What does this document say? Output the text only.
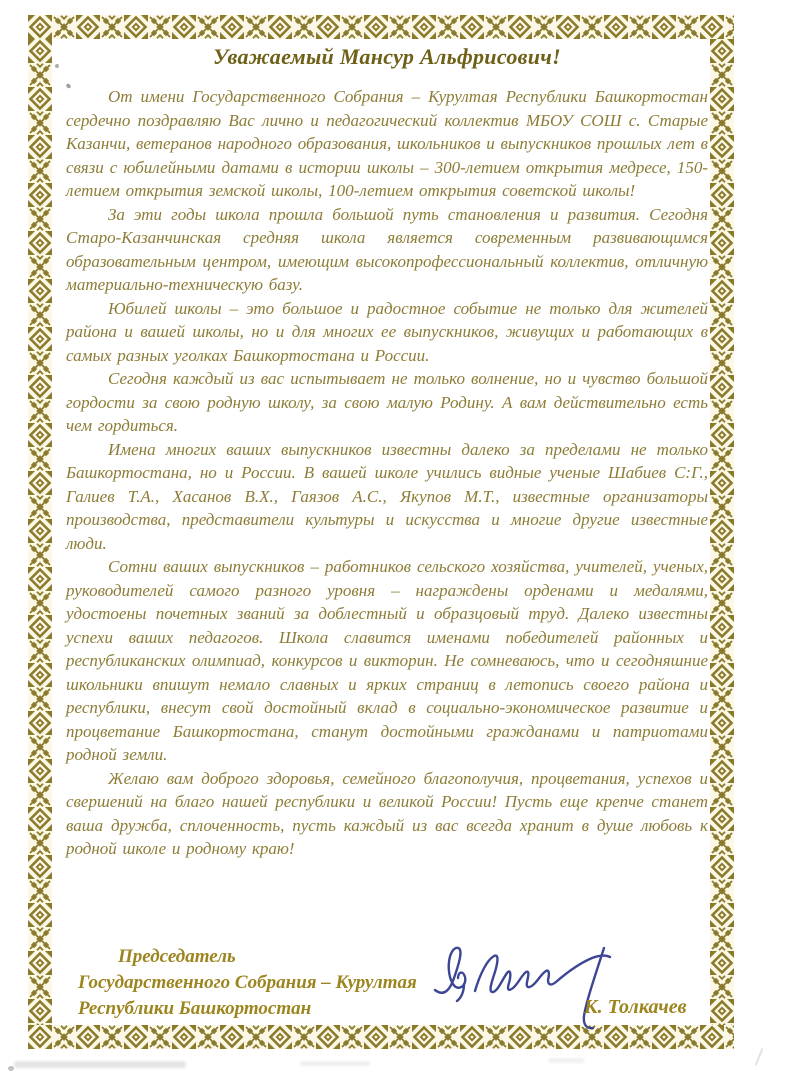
Уважаемый Мансур Альфрисович!

От имени Государственного Собрания – Курултая Республики Башкортостан сердечно поздравляю Вас лично и педагогический коллектив МБОУ СОШ с. Старые Казанчи, ветеранов народного образования, школьников и выпускников прошлых лет в связи с юбилейными датами в истории школы – 300-летием открытия медресе, 150-летием открытия земской школы, 100-летием открытия советской школы!

За эти годы школа прошла большой путь становления и развития. Сегодня Старо-Казанчинская средняя школа является современным развивающимся образовательным центром, имеющим высокопрофессиональный коллектив, отличную материально-техническую базу.

Юбилей школы – это большое и радостное событие не только для жителей района и вашей школы, но и для многих ее выпускников, живущих и работающих в самых разных уголках Башкортостана и России.

Сегодня каждый из вас испытывает не только волнение, но и чувство большой гордости за свою родную школу, за свою малую Родину. А вам действительно есть чем гордиться.

Имена многих ваших выпускников известны далеко за пределами не только Башкортостана, но и России. В вашей школе учились видные ученые Шабиев С:Г., Галиев Т.А., Хасанов В.Х., Гаязов А.С., Якупов М.Т., известные организаторы производства, представители культуры и искусства и многие другие известные люди.

Сотни ваших выпускников – работников сельского хозяйства, учителей, ученых, руководителей самого разного уровня – награждены орденами и медалями, удостоены почетных званий за доблестный и образцовый труд. Далеко известны успехи ваших педагогов. Школа славится именами победителей районных и республиканских олимпиад, конкурсов и викторин. Не сомневаюсь, что и сегодняшние школьники впишут немало славных и ярких страниц в летопись своего района и республики, внесут свой достойный вклад в социально-экономическое развитие и процветание Башкортостана, станут достойными гражданами и патриотами родной земли.

Желаю вам доброго здоровья, семейного благополучия, процветания, успехов и свершений на благо нашей республики и великой России! Пусть еще крепче станет ваша дружба, сплоченность, пусть каждый из вас всегда хранит в душе любовь к родной школе и родному краю!

Председатель
Государственного Собрания – Курултая
Республики Башкортостан	К. Толкачев
